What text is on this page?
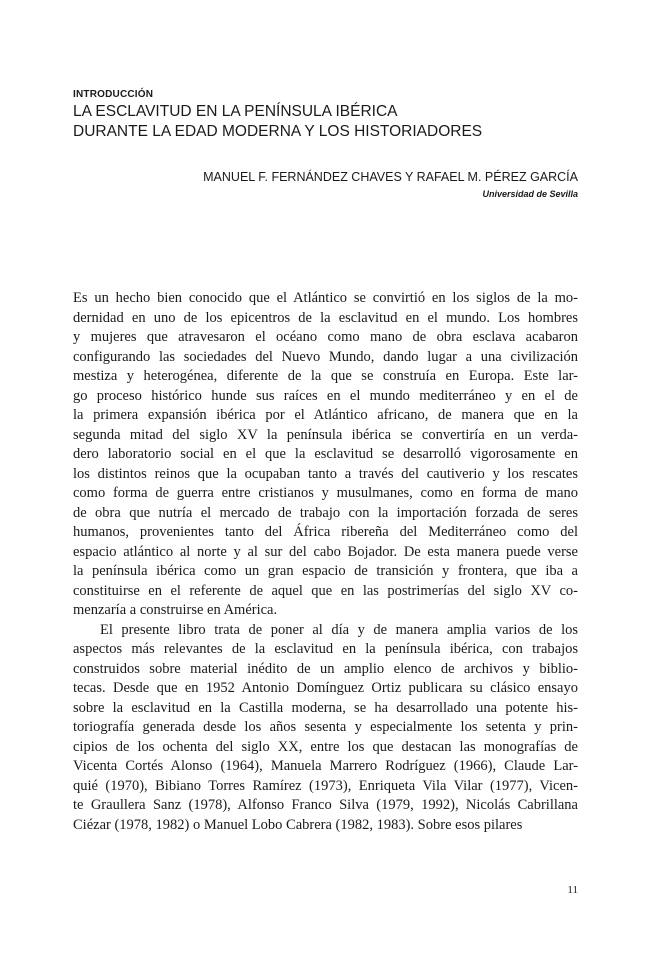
INTRODUCCIÓN
LA ESCLAVITUD EN LA PENÍNSULA IBÉRICA
DURANTE LA EDAD MODERNA Y LOS HISTORIADORES
MANUEL F. FERNÁNDEZ CHAVES Y RAFAEL M. PÉREZ GARCÍA
Universidad de Sevilla

Es un hecho bien conocido que el Atlántico se convirtió en los siglos de la mo-
dernidad en uno de los epicentros de la esclavitud en el mundo. Los hombres
y mujeres que atravesaron el océano como mano de obra esclava acabaron
configurando las sociedades del Nuevo Mundo, dando lugar a una civilización
mestiza y heterogénea, diferente de la que se construía en Europa. Este lar-
go proceso histórico hunde sus raíces en el mundo mediterráneo y en el de
la primera expansión ibérica por el Atlántico africano, de manera que en la
segunda mitad del siglo XV la península ibérica se convertiría en un verda-
dero laboratorio social en el que la esclavitud se desarrolló vigorosamente en
los distintos reinos que la ocupaban tanto a través del cautiverio y los rescates
como forma de guerra entre cristianos y musulmanes, como en forma de mano
de obra que nutría el mercado de trabajo con la importación forzada de seres
humanos, provenientes tanto del África ribereña del Mediterráneo como del
espacio atlántico al norte y al sur del cabo Bojador. De esta manera puede verse
la península ibérica como un gran espacio de transición y frontera, que iba a
constituirse en el referente de aquel que en las postrimerías del siglo XV co-
menzaría a construirse en América.

El presente libro trata de poner al día y de manera amplia varios de los
aspectos más relevantes de la esclavitud en la península ibérica, con trabajos
construidos sobre material inédito de un amplio elenco de archivos y biblio-
tecas. Desde que en 1952 Antonio Domínguez Ortiz publicara su clásico ensayo
sobre la esclavitud en la Castilla moderna, se ha desarrollado una potente his-
toriografía generada desde los años sesenta y especialmente los setenta y prin-
cipios de los ochenta del siglo XX, entre los que destacan las monografías de
Vicenta Cortés Alonso (1964), Manuela Marrero Rodríguez (1966), Claude Lar-
quié (1970), Bibiano Torres Ramírez (1973), Enriqueta Vila Vilar (1977), Vicen-
te Graullera Sanz (1978), Alfonso Franco Silva (1979, 1992), Nicolás Cabrillana
Ciézar (1978, 1982) o Manuel Lobo Cabrera (1982, 1983). Sobre esos pilares

11
